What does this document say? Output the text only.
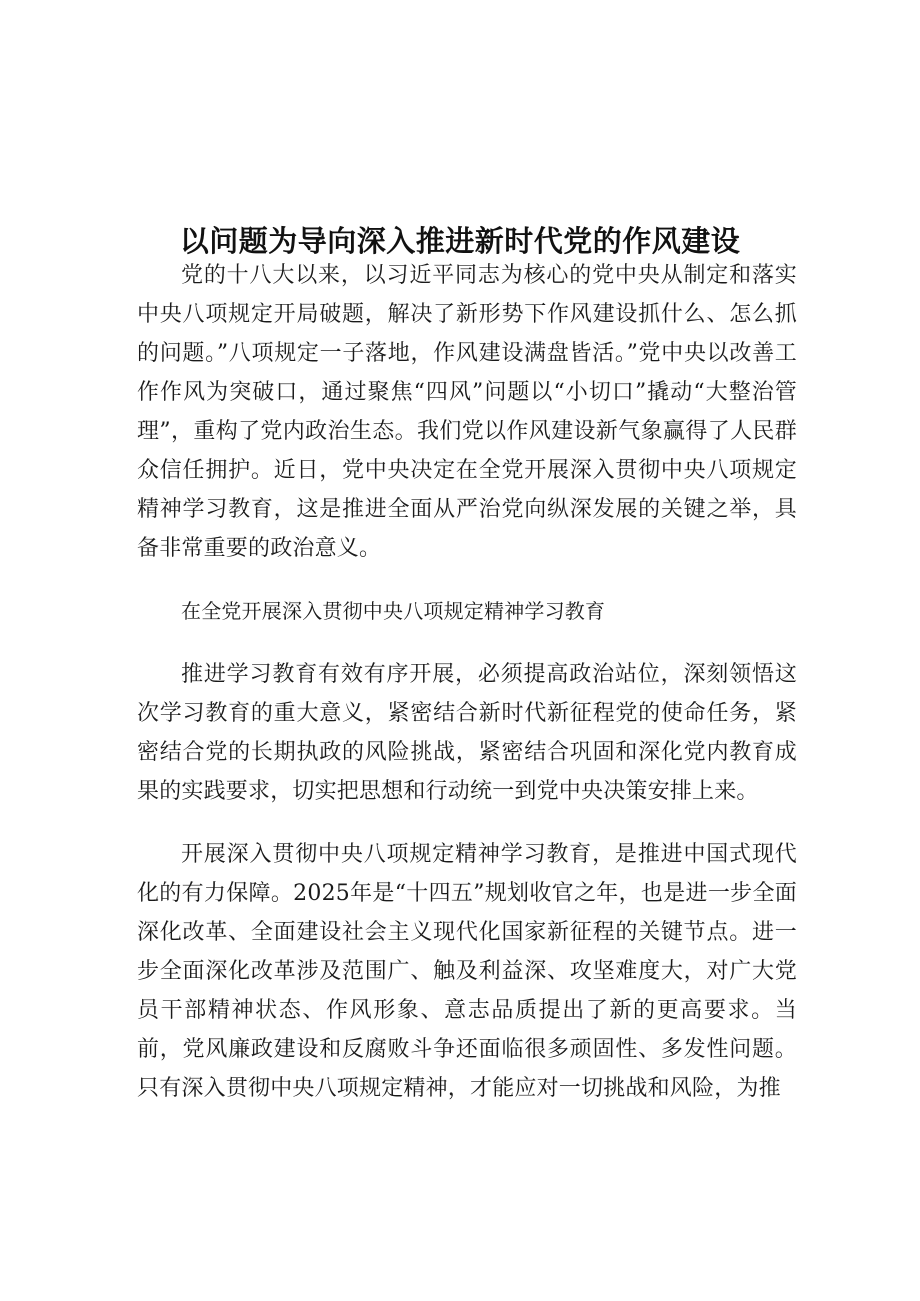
以问题为导向深入推进新时代党的作风建设

党的十八大以来，以习近平同志为核心的党中央从制定和落实中央八项规定开局破题，解决了新形势下作风建设抓什么、怎么抓的问题。”八项规定一子落地，作风建设满盘皆活。”党中央以改善工作作风为突破口，通过聚焦“四风”问题以“小切口”撬动“大整治管理”，重构了党内政治生态。我们党以作风建设新气象赢得了人民群众信任拥护。近日，党中央决定在全党开展深入贯彻中央八项规定精神学习教育，这是推进全面从严治党向纵深发展的关键之举，具备非常重要的政治意义。

在全党开展深入贯彻中央八项规定精神学习教育

推进学习教育有效有序开展，必须提高政治站位，深刻领悟这次学习教育的重大意义，紧密结合新时代新征程党的使命任务，紧密结合党的长期执政的风险挑战，紧密结合巩固和深化党内教育成果的实践要求，切实把思想和行动统一到党中央决策安排上来。

开展深入贯彻中央八项规定精神学习教育，是推进中国式现代化的有力保障。2025年是“十四五”规划收官之年，也是进一步全面深化改革、全面建设社会主义现代化国家新征程的关键节点。进一步全面深化改革涉及范围广、触及利益深、攻坚难度大，对广大党员干部精神状态、作风形象、意志品质提出了新的更高要求。当前，党风廉政建设和反腐败斗争还面临很多顽固性、多发性问题。只有深入贯彻中央八项规定精神，才能应对一切挑战和风险，为推
